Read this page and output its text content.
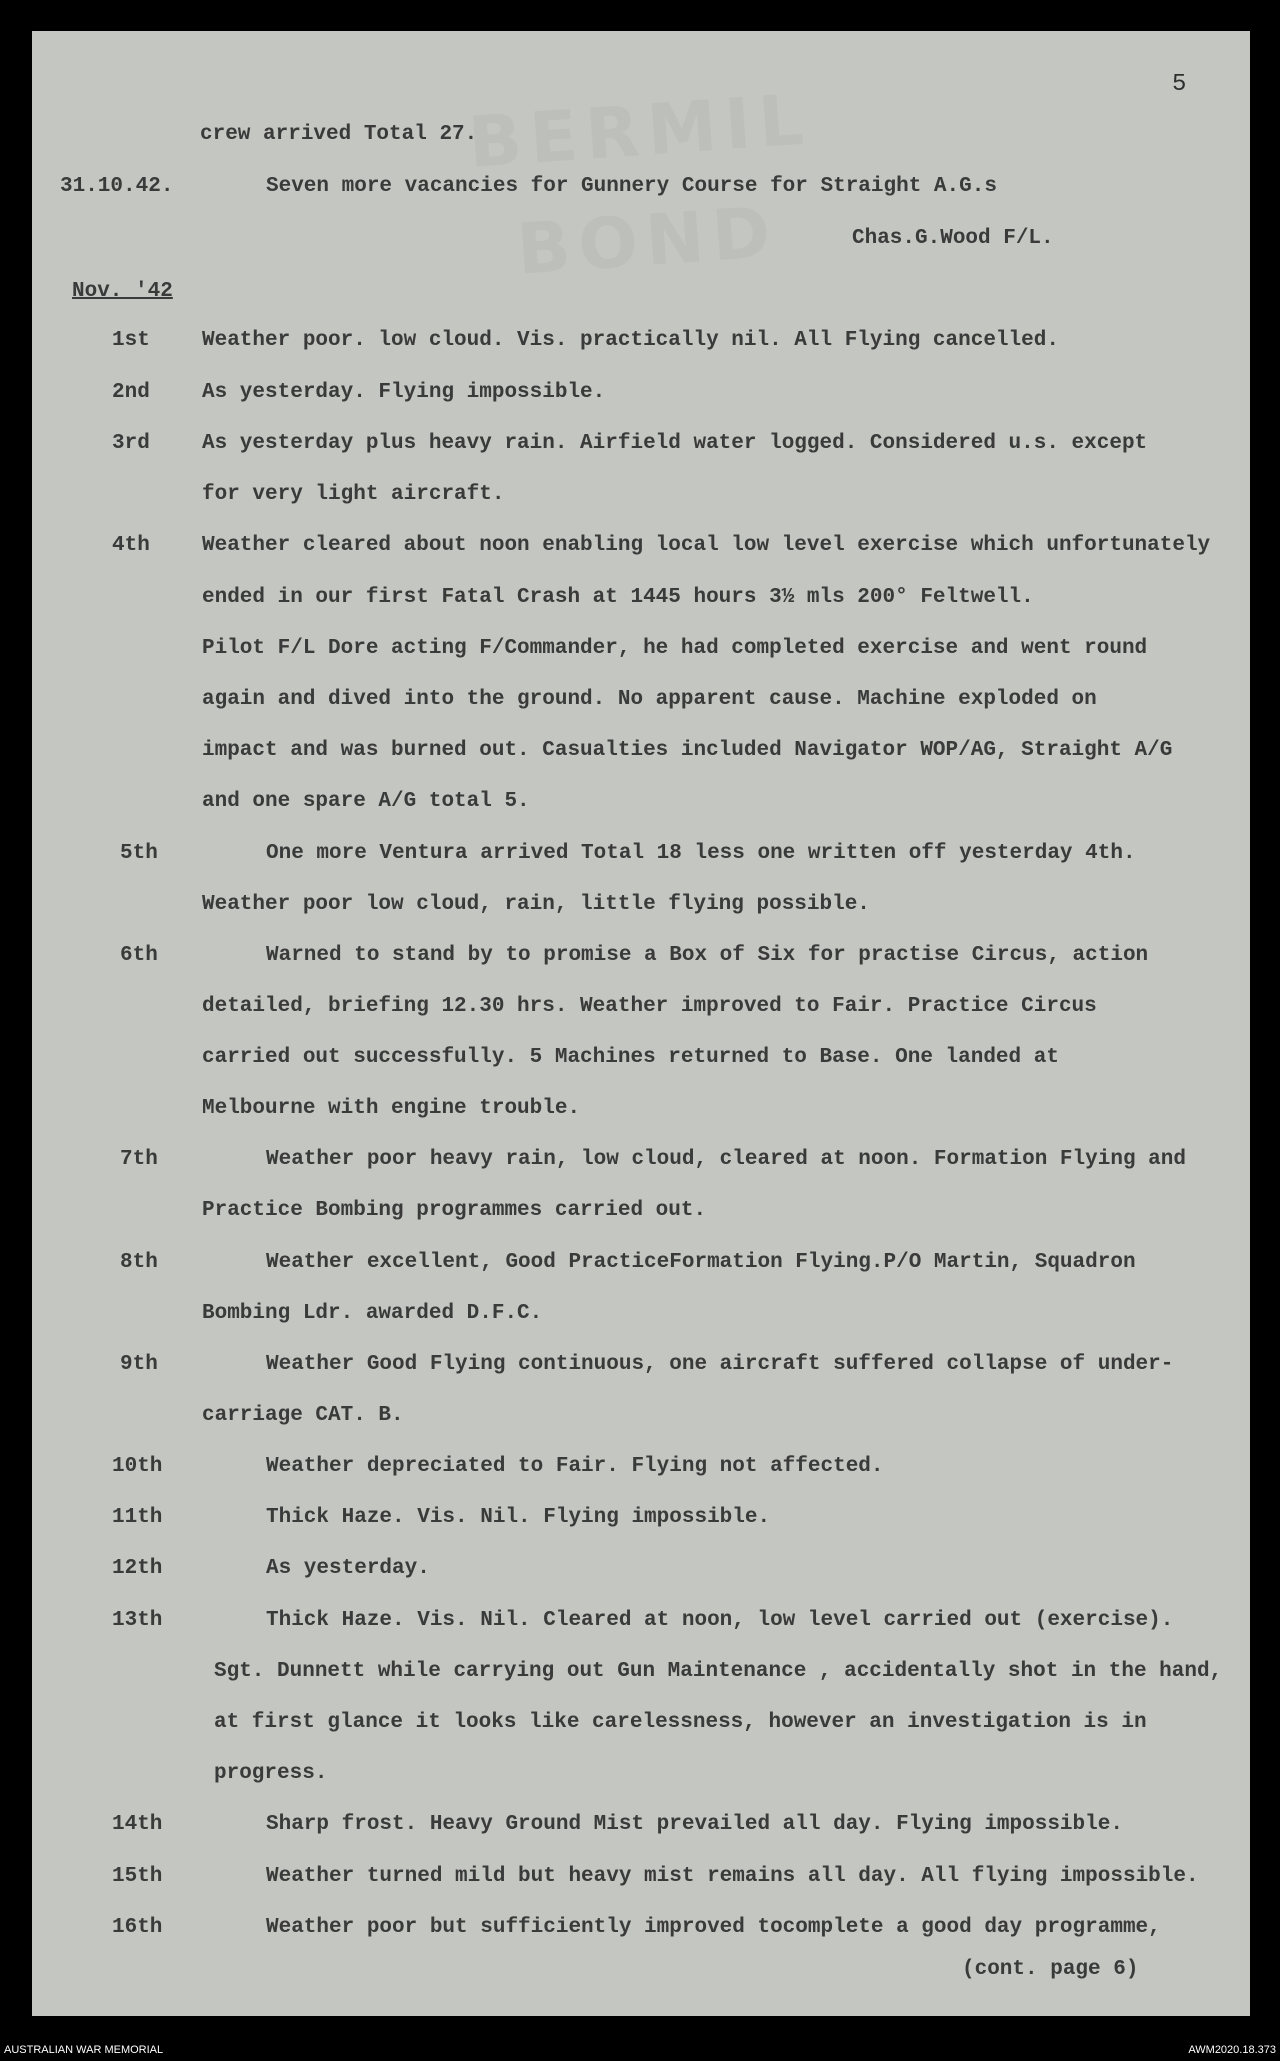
BERMIL
BOND
5
crew arrived Total 27.
31.10.42.	Seven more vacancies for Gunnery Course for Straight A.G.s
Chas.G.Wood F/L.
Nov. '42
1st Weather poor. low cloud. Vis. practically nil. All Flying cancelled.
2nd As yesterday. Flying impossible.
3rd As yesterday plus heavy rain. Airfield water logged. Considered u.s. except
for very light aircraft.
4th Weather cleared about noon enabling local low level exercise which unfortunately
ended in our first Fatal Crash at 1445 hours 3½ mls 200° Feltwell.
Pilot F/L Dore acting F/Commander, he had completed exercise and went round
again and dived into the ground. No apparent cause. Machine exploded on
impact and was burned out. Casualties included Navigator WOP/AG, Straight A/G
and one spare A/G total 5.
5th	One more Ventura arrived Total 18 less one written off yesterday 4th.
Weather poor low cloud, rain, little flying possible.
6th	Warned to stand by to promise a Box of Six for practise Circus, action
detailed, briefing 12.30 hrs. Weather improved to Fair. Practice Circus
carried out successfully. 5 Machines returned to Base. One landed at
Melbourne with engine trouble.
7th	Weather poor heavy rain, low cloud, cleared at noon. Formation Flying and
Practice Bombing programmes carried out.
8th	Weather excellent, Good PracticeFormation Flying.P/O Martin, Squadron
Bombing Ldr. awarded D.F.C.
9th	Weather Good Flying continuous, one aircraft suffered collapse of under-
carriage CAT. B.
10th	Weather depreciated to Fair. Flying not affected.
11th	Thick Haze. Vis. Nil. Flying impossible.
12th	As yesterday.
13th	Thick Haze. Vis. Nil. Cleared at noon, low level carried out (exercise).
Sgt. Dunnett while carrying out Gun Maintenance , accidentally shot in the hand,
at first glance it looks like carelessness, however an investigation is in
progress.
14th	Sharp frost. Heavy Ground Mist prevailed all day. Flying impossible.
15th	Weather turned mild but heavy mist remains all day. All flying impossible.
16th	Weather poor but sufficiently improved tocomplete a good day programme,
(cont. page 6)
AUSTRALIAN WAR MEMORIAL	AWM2020.18.373
